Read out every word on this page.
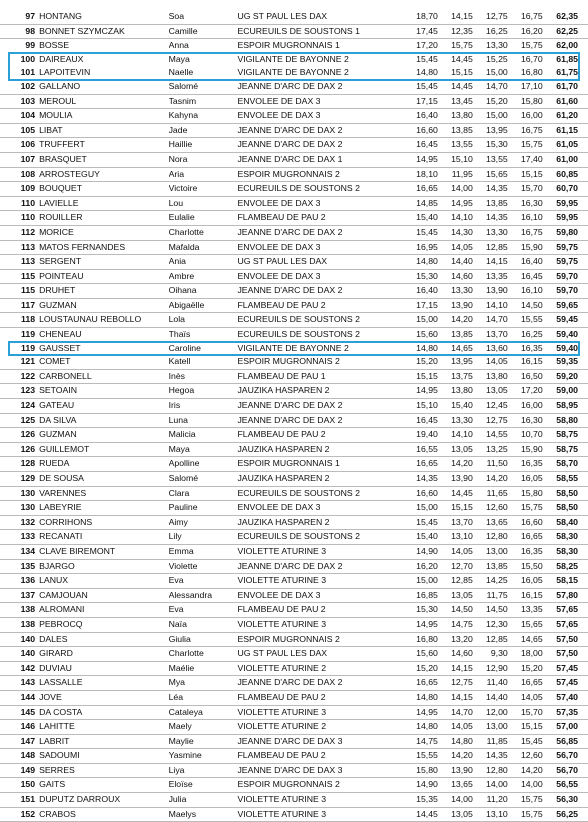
97	HONTANG	Soa	UG ST PAUL LES DAX	18,70	14,15	12,75	16,75	62,35
98	BONNET SZYMCZAK	Camille	ECUREUILS DE SOUSTONS 1	17,45	12,35	16,25	16,20	62,25
99	BOSSE	Anna	ESPOIR MUGRONNAIS 1	17,20	15,75	13,30	15,75	62,00
100	DAIREAUX	Maya	VIGILANTE DE BAYONNE 2	15,45	14,45	15,25	16,70	61,85
101	LAPOITEVIN	Naelle	VIGILANTE DE BAYONNE 2	14,80	15,15	15,00	16,80	61,75
102	GALLANO	Salomé	JEANNE D'ARC DE DAX 2	15,45	14,45	14,70	17,10	61,70
103	MEROUL	Tasnim	ENVOLEE DE DAX 3	17,15	13,45	15,20	15,80	61,60
104	MOULIA	Kahyna	ENVOLEE DE DAX 3	16,40	13,80	15,00	16,00	61,20
105	LIBAT	Jade	JEANNE D'ARC DE DAX 2	16,60	13,85	13,95	16,75	61,15
106	TRUFFERT	Haillie	JEANNE D'ARC DE DAX 2	16,45	13,55	15,30	15,75	61,05
107	BRASQUET	Nora	JEANNE D'ARC DE DAX 1	14,95	15,10	13,55	17,40	61,00
108	ARROSTEGUY	Aria	ESPOIR MUGRONNAIS 2	18,10	11,95	15,65	15,15	60,85
109	BOUQUET	Victoire	ECUREUILS DE SOUSTONS 2	16,65	14,00	14,35	15,70	60,70
110	LAVIELLE	Lou	ENVOLEE DE DAX 3	14,85	14,95	13,85	16,30	59,95
110	ROUILLER	Eulalie	FLAMBEAU DE PAU 2	15,40	14,10	14,35	16,10	59,95
112	MORICE	Charlotte	JEANNE D'ARC DE DAX 2	15,45	14,30	13,30	16,75	59,80
113	MATOS FERNANDES	Mafalda	ENVOLEE DE DAX 3	16,95	14,05	12,85	15,90	59,75
113	SERGENT	Ania	UG ST PAUL LES DAX	14,80	14,40	14,15	16,40	59,75
115	POINTEAU	Ambre	ENVOLEE DE DAX 3	15,30	14,60	13,35	16,45	59,70
115	DRUHET	Oihana	JEANNE D'ARC DE DAX 2	16,40	13,30	13,90	16,10	59,70
117	GUZMAN	Abigaëlle	FLAMBEAU DE PAU 2	17,15	13,90	14,10	14,50	59,65
118	LOUSTAUNAU REBOLLO	Lola	ECUREUILS DE SOUSTONS 2	15,00	14,20	14,70	15,55	59,45
119	CHENEAU	Thaïs	ECUREUILS DE SOUSTONS 2	15,60	13,85	13,70	16,25	59,40
119	GAUSSET	Caroline	VIGILANTE DE BAYONNE 2	14,80	14,65	13,60	16,35	59,40
121	COMET	Katell	ESPOIR MUGRONNAIS 2	15,20	13,95	14,05	16,15	59,35
122	CARBONELL	Inès	FLAMBEAU DE PAU 1	15,15	13,75	13,80	16,50	59,20
123	SETOAIN	Hegoa	JAUZIKA HASPAREN 2	14,95	13,80	13,05	17,20	59,00
124	GATEAU	Iris	JEANNE D'ARC DE DAX 2	15,10	15,40	12,45	16,00	58,95
125	DA SILVA	Luna	JEANNE D'ARC DE DAX 2	16,45	13,30	12,75	16,30	58,80
126	GUZMAN	Malicia	FLAMBEAU DE PAU 2	19,40	14,10	14,55	10,70	58,75
126	GUILLEMOT	Maya	JAUZIKA HASPAREN 2	16,55	13,05	13,25	15,90	58,75
128	RUEDA	Apolline	ESPOIR MUGRONNAIS 1	16,65	14,20	11,50	16,35	58,70
129	DE SOUSA	Salomé	JAUZIKA HASPAREN 2	14,35	13,90	14,20	16,05	58,55
130	VARENNES	Clara	ECUREUILS DE SOUSTONS 2	16,60	14,45	11,65	15,80	58,50
130	LABEYRIE	Pauline	ENVOLEE DE DAX 3	15,00	15,15	12,60	15,75	58,50
132	CORRIHONS	Aimy	JAUZIKA HASPAREN 2	15,45	13,70	13,65	16,60	58,40
133	RECANATI	Lily	ECUREUILS DE SOUSTONS 2	15,40	13,10	12,80	16,65	58,30
134	CLAVE BIREMONT	Emma	VIOLETTE ATURINE 3	14,90	14,05	13,00	16,35	58,30
135	BJARGO	Violette	JEANNE D'ARC DE DAX 2	16,20	12,70	13,85	15,50	58,25
136	LANUX	Eva	VIOLETTE ATURINE 3	15,00	12,85	14,25	16,05	58,15
137	CAMJOUAN	Alessandra	ENVOLEE DE DAX 3	16,85	13,05	11,75	16,15	57,80
138	ALROMANI	Eva	FLAMBEAU DE PAU 2	15,30	14,50	14,50	13,35	57,65
138	PEBROCQ	Naïa	VIOLETTE ATURINE 3	14,95	14,75	12,30	15,65	57,65
140	DALES	Giulia	ESPOIR MUGRONNAIS 2	16,80	13,20	12,85	14,65	57,50
140	GIRARD	Charlotte	UG ST PAUL LES DAX	15,60	14,60	9,30	18,00	57,50
142	DUVIAU	Maélie	VIOLETTE ATURINE 2	15,20	14,15	12,90	15,20	57,45
143	LASSALLE	Mya	JEANNE D'ARC DE DAX 2	16,65	12,75	11,40	16,65	57,45
144	JOVE	Léa	FLAMBEAU DE PAU 2	14,80	14,15	14,40	14,05	57,40
145	DA COSTA	Cataleya	VIOLETTE ATURINE 3	14,95	14,70	12,00	15,70	57,35
146	LAHITTE	Maely	VIOLETTE ATURINE 2	14,80	14,05	13,00	15,15	57,00
147	LABRIT	Maylie	JEANNE D'ARC DE DAX 3	14,75	14,80	11,85	15,45	56,85
148	SADOUMI	Yasmine	FLAMBEAU DE PAU 2	15,55	14,20	14,35	12,60	56,70
149	SERRES	Liya	JEANNE D'ARC DE DAX 3	15,80	13,90	12,80	14,20	56,70
150	GAITS	Eloïse	ESPOIR MUGRONNAIS 2	14,90	13,65	14,00	14,00	56,55
151	DUPUTZ DARROUX	Julia	VIOLETTE ATURINE 3	15,35	14,00	11,20	15,75	56,30
152	CRABOS	Maelys	VIOLETTE ATURINE 3	14,45	13,05	13,10	15,75	56,25
